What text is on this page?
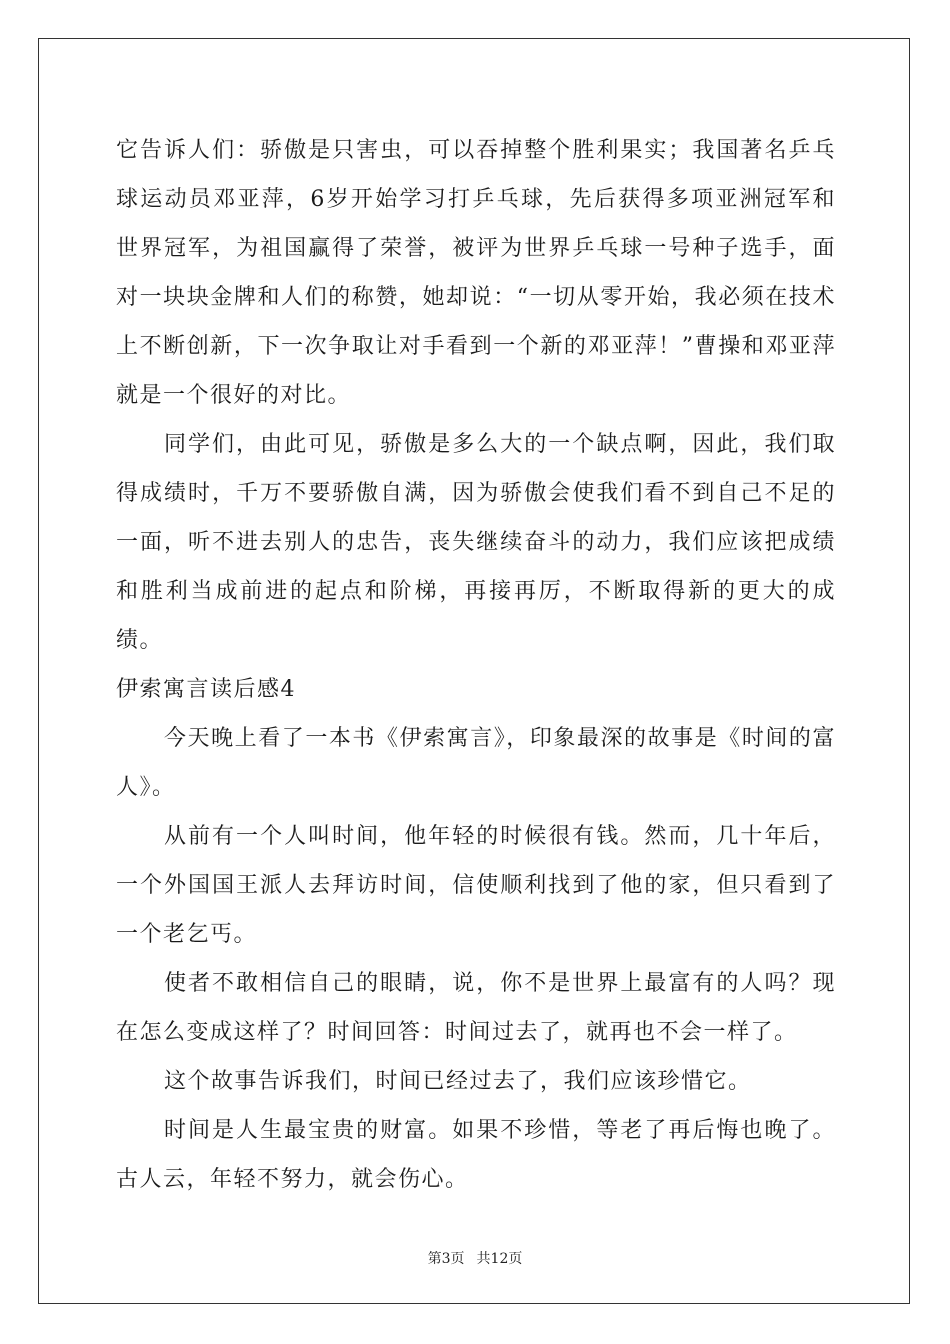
它告诉人们：骄傲是只害虫，可以吞掉整个胜利果实；我国著名乒乓球运动员邓亚萍，6岁开始学习打乒乓球，先后获得多项亚洲冠军和世界冠军，为祖国赢得了荣誉，被评为世界乒乓球一号种子选手，面对一块块金牌和人们的称赞，她却说：“一切从零开始，我必须在技术上不断创新，下一次争取让对手看到一个新的邓亚萍！”曹操和邓亚萍就是一个很好的对比。

同学们，由此可见，骄傲是多么大的一个缺点啊，因此，我们取得成绩时，千万不要骄傲自满，因为骄傲会使我们看不到自己不足的一面，听不进去别人的忠告，丧失继续奋斗的动力，我们应该把成绩和胜利当成前进的起点和阶梯，再接再厉，不断取得新的更大的成绩。

伊索寓言读后感4

今天晚上看了一本书《伊索寓言》，印象最深的故事是《时间的富人》。

从前有一个人叫时间，他年轻的时候很有钱。然而，几十年后，一个外国国王派人去拜访时间，信使顺利找到了他的家，但只看到了一个老乞丐。

使者不敢相信自己的眼睛，说，你不是世界上最富有的人吗？现在怎么变成这样了？时间回答：时间过去了，就再也不会一样了。

这个故事告诉我们，时间已经过去了，我们应该珍惜它。

时间是人生最宝贵的财富。如果不珍惜，等老了再后悔也晚了。古人云，年轻不努力，就会伤心。

第3页 共12页
